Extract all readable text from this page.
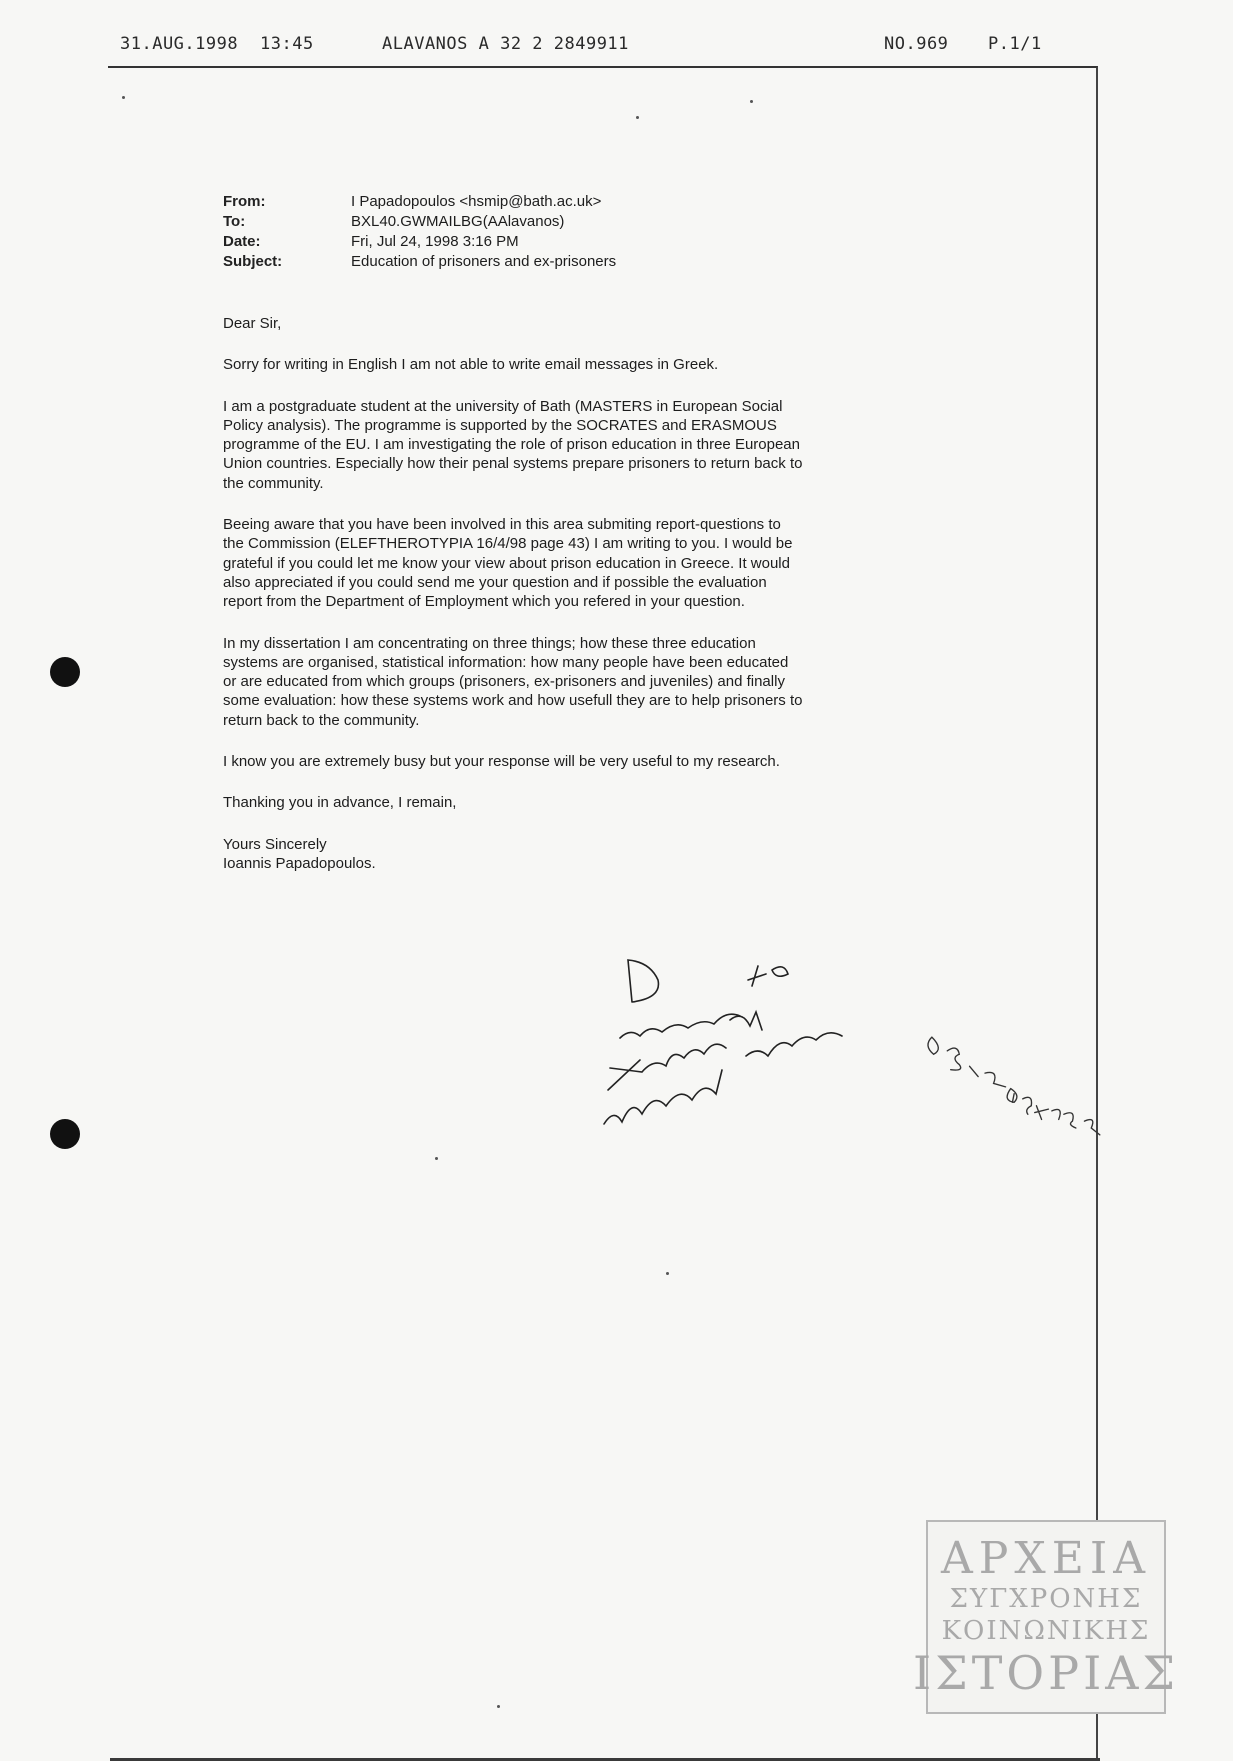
31.AUG.1998 13:45	ALAVANOS A 32 2 2849911	NO.969 P.1/1
From:	I Papadopoulos <hsmip@bath.ac.uk>
To:	BXL40.GWMAILBG(AAlavanos)
Date:	Fri, Jul 24, 1998 3:16 PM
Subject:	Education of prisoners and ex-prisoners

Dear Sir,

Sorry for writing in English I am not able to write email messages in Greek.

I am a postgraduate student at the university of Bath (MASTERS in European Social Policy analysis). The programme is supported by the SOCRATES and ERASMOUS programme of the EU. I am investigating the role of prison education in three European Union countries. Especially how their penal systems prepare prisoners to return back to the community.

Beeing aware that you have been involved in this area submiting report-questions to the Commission (ELEFTHEROTYPIA 16/4/98 page 43) I am writing to you. I would be grateful if you could let me know your view about prison education in Greece. It would also appreciated if you could send me your question and if possible the evaluation report from the Department of Employment which you refered in your question.

In my dissertation I am concentrating on three things; how these three education systems are organised, statistical information: how many people have been educated or are educated from which groups (prisoners, ex-prisoners and juveniles) and finally some evaluation: how these systems work and how usefull they are to help prisoners to return back to the community.

I know you are extremely busy but your response will be very useful to my research.

Thanking you in advance, I remain,

Yours Sincerely
Ioannis Papadopoulos.
ΑΡΧΕΙΑ
ΣΥΓΧΡΟΝΗΣ
ΚΟΙΝΩΝΙΚΗΣ
ΙΣΤΟΡΙΑΣ
